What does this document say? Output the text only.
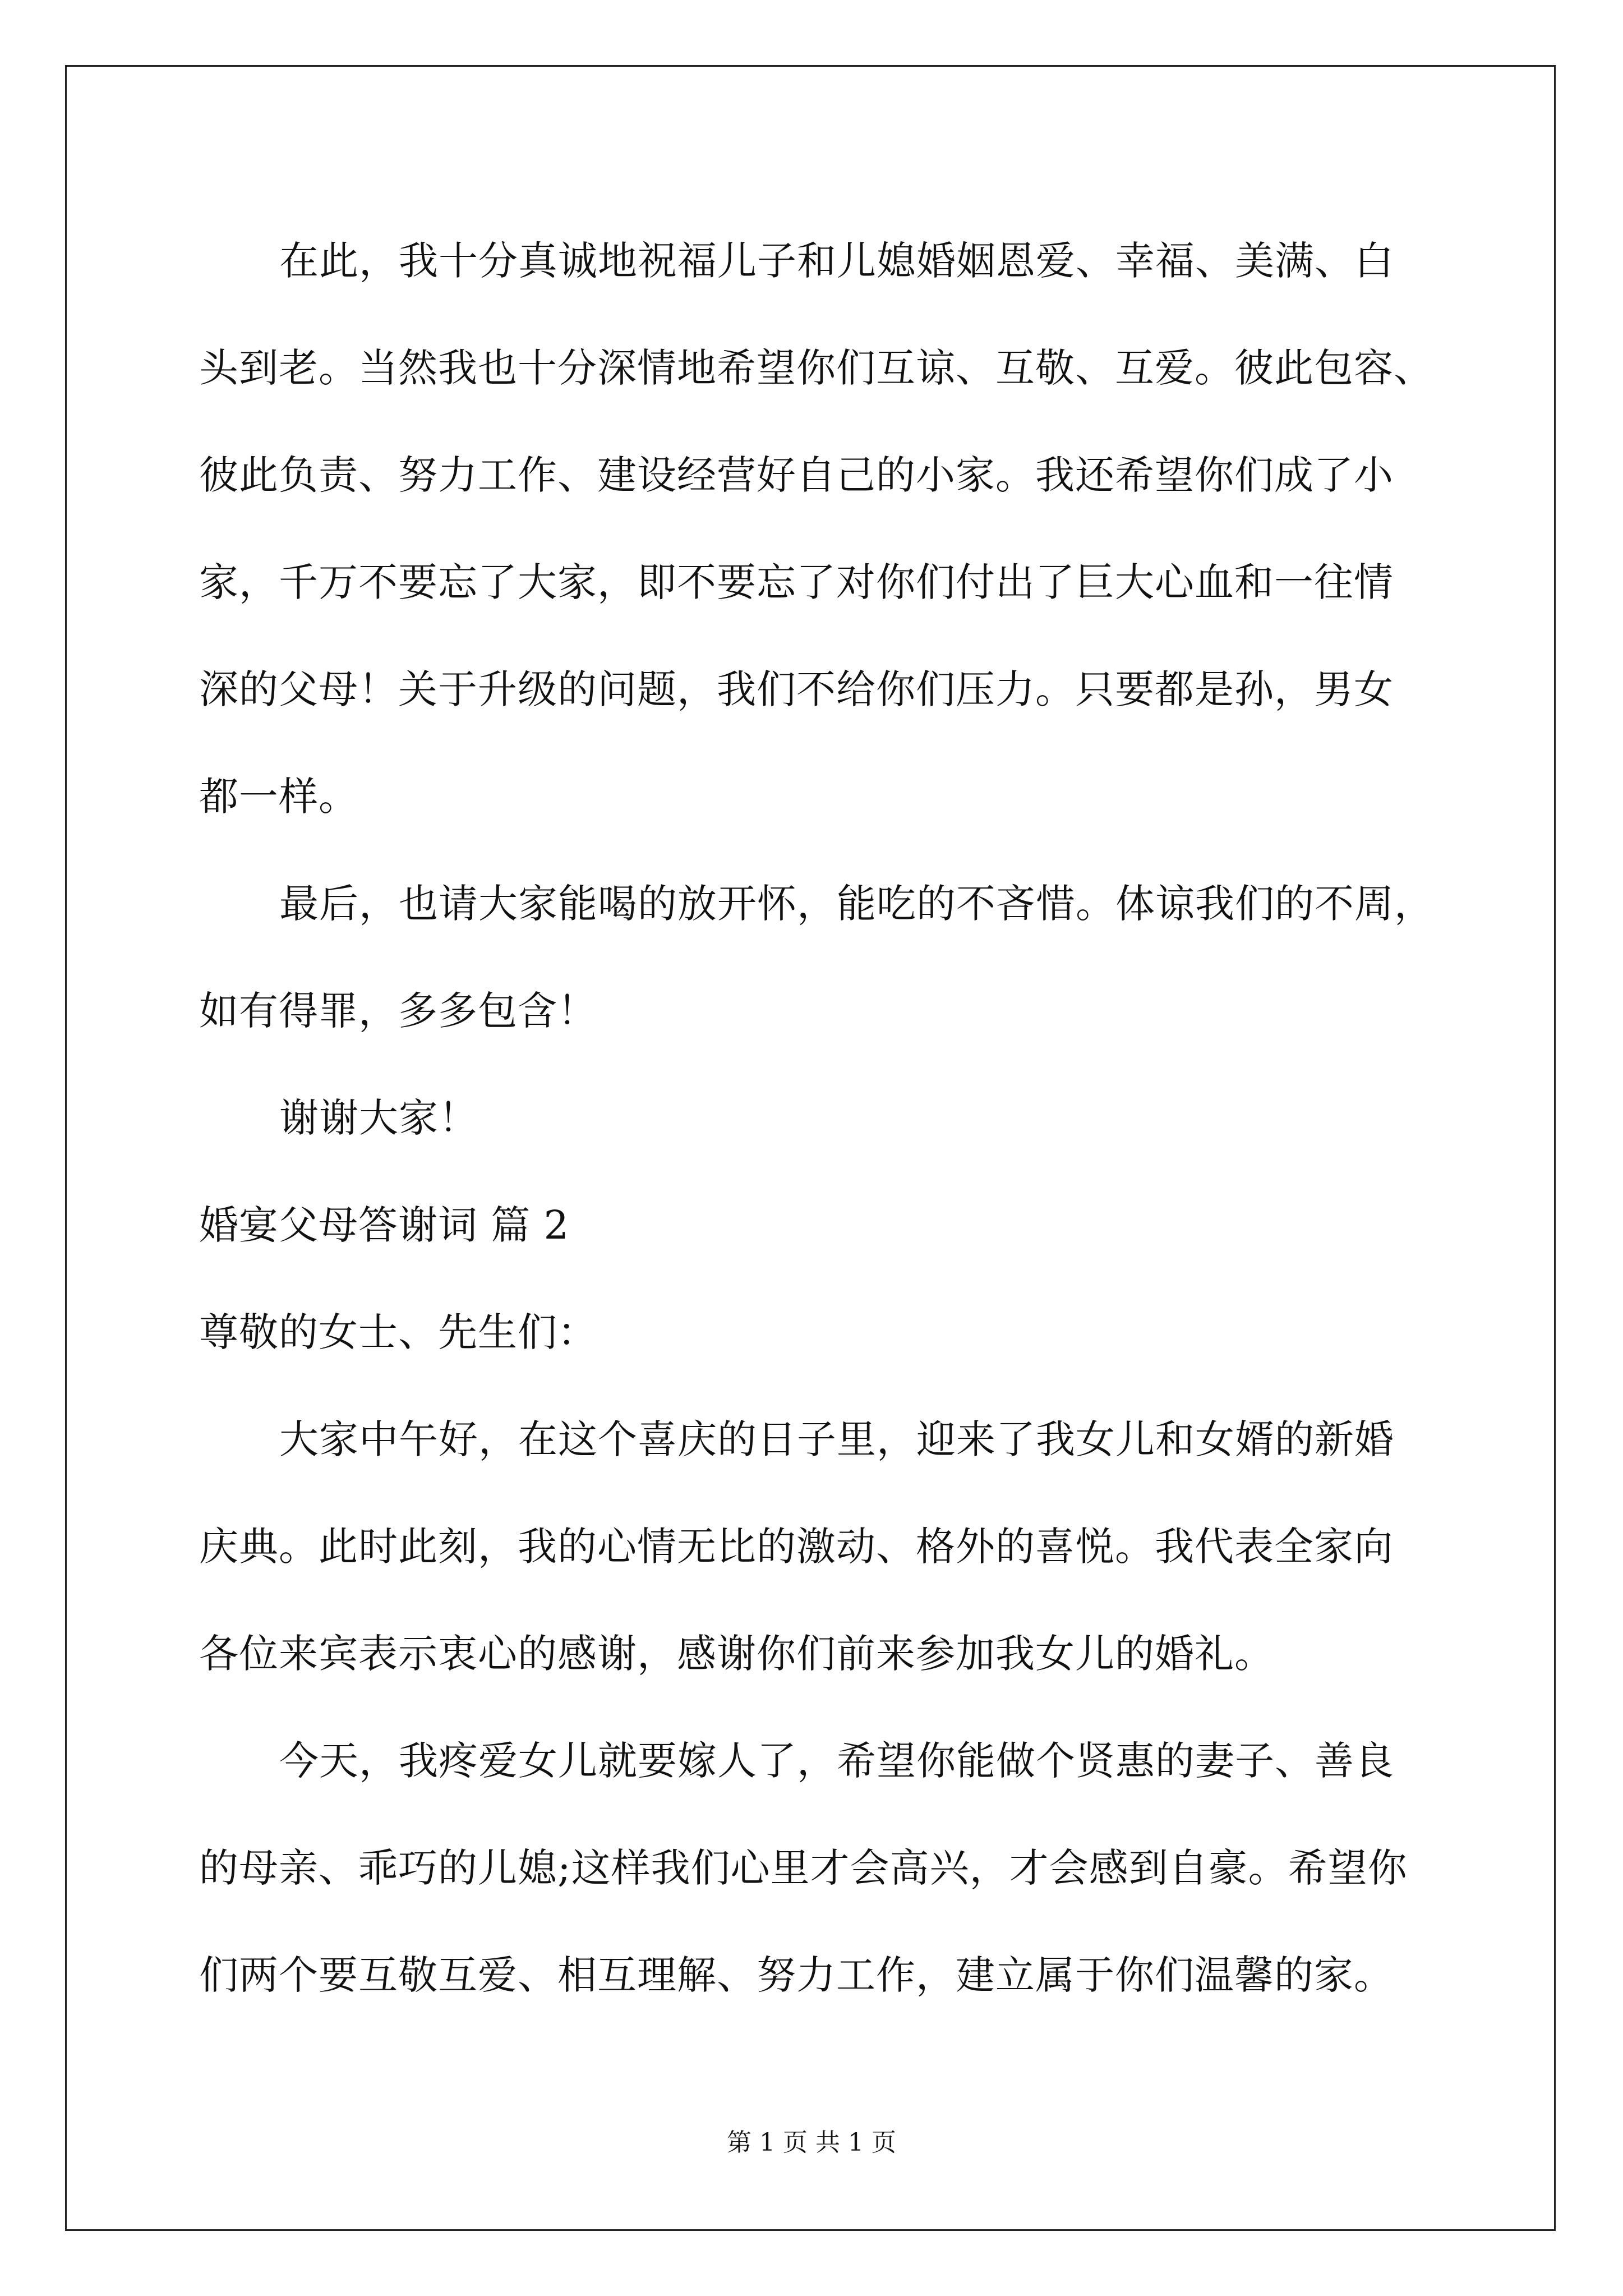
在此，我十分真诚地祝福儿子和儿媳婚姻恩爱、幸福、美满、白
头到老。当然我也十分深情地希望你们互谅、互敬、互爱。彼此包容、
彼此负责、努力工作、建设经营好自己的小家。我还希望你们成了小
家，千万不要忘了大家，即不要忘了对你们付出了巨大心血和一往情
深的父母！关于升级的问题，我们不给你们压力。只要都是孙，男女
都一样。
最后，也请大家能喝的放开怀，能吃的不吝惜。体谅我们的不周，
如有得罪，多多包含！
谢谢大家！
婚宴父母答谢词 篇 2
尊敬的女士、先生们：
大家中午好，在这个喜庆的日子里，迎来了我女儿和女婿的新婚
庆典。此时此刻，我的心情无比的激动、格外的喜悦。我代表全家向
各位来宾表示衷心的感谢，感谢你们前来参加我女儿的婚礼。
今天，我疼爱女儿就要嫁人了，希望你能做个贤惠的妻子、善良
的母亲、乖巧的儿媳;这样我们心里才会高兴，才会感到自豪。希望你
们两个要互敬互爱、相互理解、努力工作，建立属于你们温馨的家。
第 1 页 共 1 页
